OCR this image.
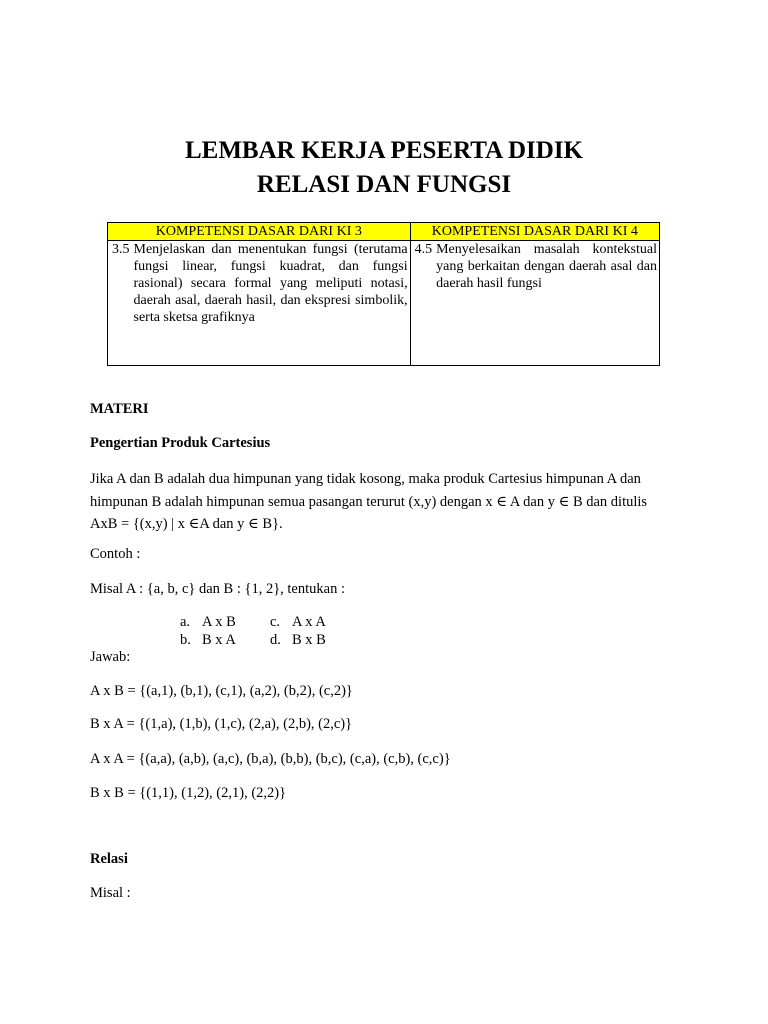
LEMBAR KERJA PESERTA DIDIK
RELASI DAN FUNGSI
KOMPETENSI DASAR DARI KI 3	KOMPETENSI DASAR DARI KI 4

3.5 Menjelaskan dan menentukan fungsi (terutama fungsi linear, fungsi kuadrat, dan fungsi rasional) secara formal yang meliputi notasi, daerah asal, daerah hasil, dan ekspresi simbolik, serta sketsa grafiknya	4.5 Menyelesaikan masalah kontekstual yang berkaitan dengan daerah asal dan daerah hasil fungsi
MATERI
Pengertian Produk Cartesius
Jika A dan B adalah dua himpunan yang tidak kosong, maka produk Cartesius himpunan A dan
himpunan B adalah himpunan semua pasangan terurut (x,y) dengan x ∈ A dan y ∈ B dan ditulis
AxB = {(x,y) | x ∈A dan y ∈ B}.
Contoh :
Misal A : {a, b, c} dan B : {1, 2}, tentukan :
a. A x B	c. A x A
b. B x A	d. B x B
Jawab:
A x B = {(a,1), (b,1), (c,1), (a,2), (b,2), (c,2)}
B x A = {(1,a), (1,b), (1,c), (2,a), (2,b), (2,c)}
A x A = {(a,a), (a,b), (a,c), (b,a), (b,b), (b,c), (c,a), (c,b), (c,c)}
B x B = {(1,1), (1,2), (2,1), (2,2)}
Relasi
Misal :
